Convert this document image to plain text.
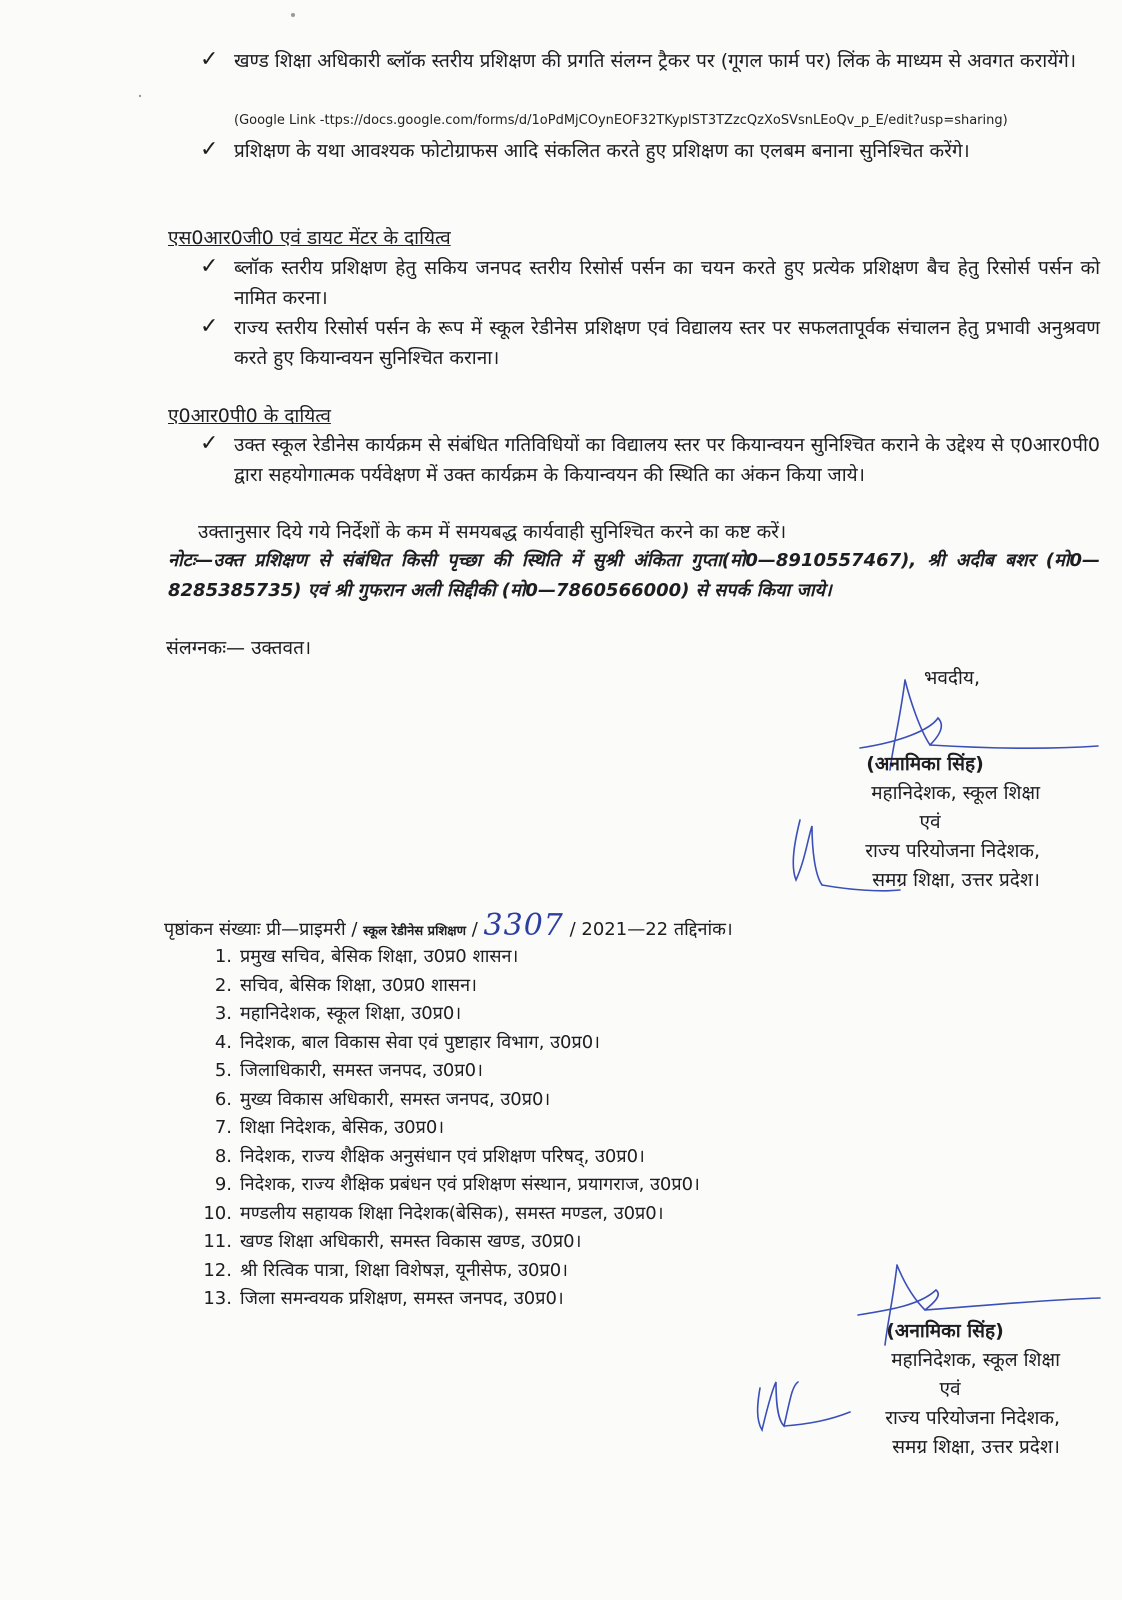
✓ खण्ड शिक्षा अधिकारी ब्लॉक स्तरीय प्रशिक्षण की प्रगति संलग्न ट्रैकर पर (गूगल फार्म पर) लिंक के माध्यम से अवगत करायेंगे।
(Google Link -ttps://docs.google.com/forms/d/1oPdMjCOynEOF32TKypIST3TZzcQzXoSVsnLEoQv_p_E/edit?usp=sharing)
✓ प्रशिक्षण के यथा आवश्यक फोटोग्राफस आदि संकलित करते हुए प्रशिक्षण का एलबम बनाना सुनिश्चित करेंगे।
एस0आर0जी0 एवं डायट मेंटर के दायित्व
✓ ब्लॉक स्तरीय प्रशिक्षण हेतु सकिय जनपद स्तरीय रिसोर्स पर्सन का चयन करते हुए प्रत्येक प्रशिक्षण बैच हेतु रिसोर्स पर्सन को नामित करना।
✓ राज्य स्तरीय रिसोर्स पर्सन के रूप में स्कूल रेडीनेस प्रशिक्षण एवं विद्यालय स्तर पर सफलतापूर्वक संचालन हेतु प्रभावी अनुश्रवण करते हुए कियान्वयन सुनिश्चित कराना।
ए0आर0पी0 के दायित्व
✓ उक्त स्कूल रेडीनेस कार्यक्रम से संबंधित गतिविधियों का विद्यालय स्तर पर कियान्वयन सुनिश्चित कराने के उद्देश्य से ए0आर0पी0 द्वारा सहयोगात्मक पर्यवेक्षण में उक्त कार्यक्रम के कियान्वयन की स्थिति का अंकन किया जाये।
उक्तानुसार दिये गये निर्देशों के कम में समयबद्ध कार्यवाही सुनिश्चित करने का कष्ट करें।
नोटः—उक्त प्रशिक्षण से संबंधित किसी पृच्छा की स्थिति में सुश्री अंकिता गुप्ता(मो0—8910557467), श्री अदीब बशर (मो0—8285385735) एवं श्री गुफरान अली सिद्दीकी (मो0—7860566000) से सपर्क किया जाये।
संलग्नकः— उक्तवत।
भवदीय,
(अनामिका सिंह)
महानिदेशक, स्कूल शिक्षा
एवं
राज्य परियोजना निदेशक,
समग्र शिक्षा, उत्तर प्रदेश।
पृष्ठांकन संख्याः प्री—प्राइमरी / स्कूल रेडीनेस प्रशिक्षण / 3307 / 2021—22 तद्दिनांक।
1. प्रमुख सचिव, बेसिक शिक्षा, उ0प्र0 शासन।
2. सचिव, बेसिक शिक्षा, उ0प्र0 शासन।
3. महानिदेशक, स्कूल शिक्षा, उ0प्र0।
4. निदेशक, बाल विकास सेवा एवं पुष्टाहार विभाग, उ0प्र0।
5. जिलाधिकारी, समस्त जनपद, उ0प्र0।
6. मुख्य विकास अधिकारी, समस्त जनपद, उ0प्र0।
7. शिक्षा निदेशक, बेसिक, उ0प्र0।
8. निदेशक, राज्य शैक्षिक अनुसंधान एवं प्रशिक्षण परिषद्, उ0प्र0।
9. निदेशक, राज्य शैक्षिक प्रबंधन एवं प्रशिक्षण संस्थान, प्रयागराज, उ0प्र0।
10. मण्डलीय सहायक शिक्षा निदेशक(बेसिक), समस्त मण्डल, उ0प्र0।
11. खण्ड शिक्षा अधिकारी, समस्त विकास खण्ड, उ0प्र0।
12. श्री रित्विक पात्रा, शिक्षा विशेषज्ञ, यूनीसेफ, उ0प्र0।
13. जिला समन्वयक प्रशिक्षण, समस्त जनपद, उ0प्र0।
(अनामिका सिंह)
महानिदेशक, स्कूल शिक्षा
एवं
राज्य परियोजना निदेशक,
समग्र शिक्षा, उत्तर प्रदेश।
